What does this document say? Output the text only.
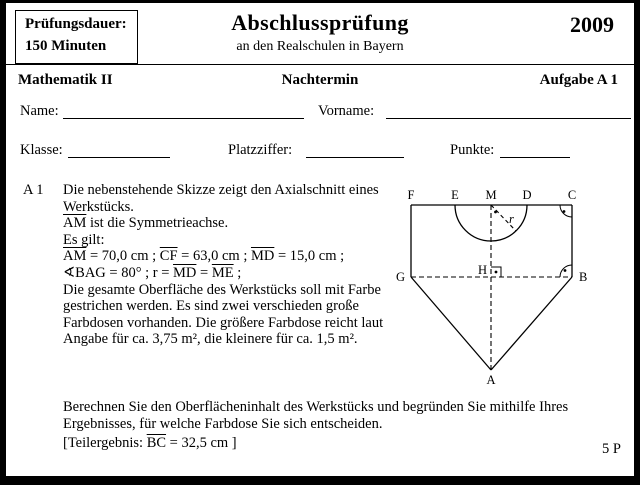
Prüfungsdauer:
150 Minuten
Abschlussprüfung
an den Realschulen in Bayern
2009
Mathematik II	Nachtermin	Aufgabe A 1
Name:	Vorname:
Klasse:	Platzziffer:	Punkte:
A 1 Die nebenstehende Skizze zeigt den Axialschnitt eines Werkstücks.

$\overline{AM}$ ist die Symmetrieachse.

Es gilt:

$\overline{AM} = 70,0$ cm ; $\overline{CF} = 63,0$ cm ; $\overline{MD} = 15,0$ cm ;

∢BAG = 80° ; $r = \overline{MD} = \overline{ME}$ ;

Die gesamte Oberfläche des Werkstücks soll mit Farbe gestrichen werden. Es sind zwei verschieden große Farbdosen vorhanden. Die größere Farbdose reicht laut Angabe für ca. 3,75 m², die kleinere für ca. 1,5 m².

F	E M D	C
G	H	B
A
r
Berechnen Sie den Oberflächeninhalt des Werkstücks und begründen Sie mithilfe Ihres Ergebnisses, für welche Farbdose Sie sich entscheiden.
[Teilergebnis: $\overline{BC} = 32,5$ cm ]	5 P
